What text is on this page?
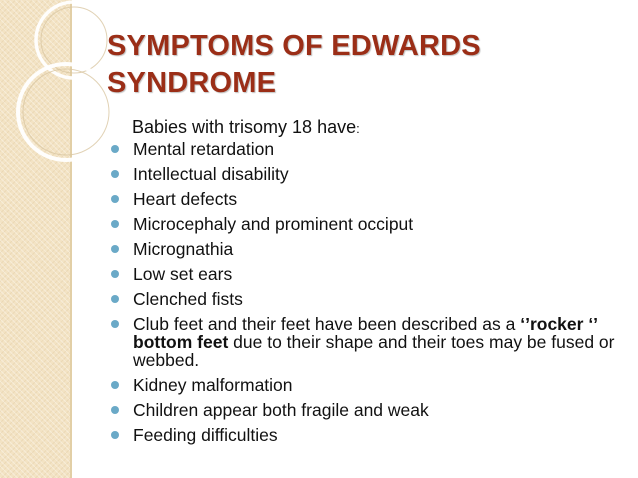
SYMPTOMS OF EDWARDS SYNDROME

Babies with trisomy 18 have:

Mental retardation
Intellectual disability
Heart defects
Microcephaly and prominent occiput
Micrognathia
Low set ears
Clenched fists
Club feet and their feet have been described as a ‘’rocker ‘’ bottom feet due to their shape and their toes may be fused or webbed.
Kidney malformation
Children appear both fragile and weak
Feeding difficulties
